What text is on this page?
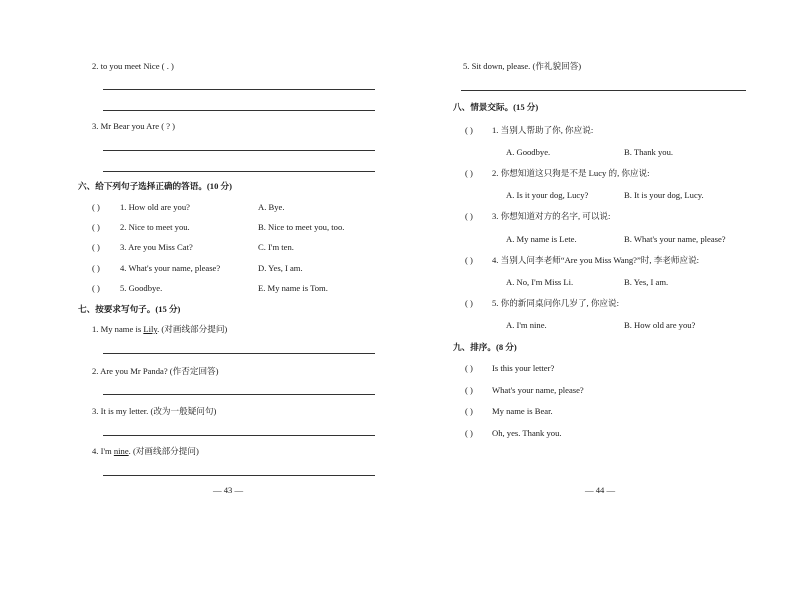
2. to you meet Nice ( . )
3. Mr Bear you Are ( ? )
六、给下列句子选择正确的答语。(10 分)
( ) 1. How old are you?	A. Bye.
( ) 2. Nice to meet you.	B. Nice to meet you, too.
( ) 3. Are you Miss Cat?	C. I'm ten.
( ) 4. What's your name, please?	D. Yes, I am.
( ) 5. Goodbye.	E. My name is Tom.
七、按要求写句子。(15 分)
1. My name is Lily. (对画线部分提问)
2. Are you Mr Panda? (作否定回答)
3. It is my letter. (改为一般疑问句)
4. I'm nine. (对画线部分提问)
— 43 —
5. Sit down, please. (作礼貌回答)
八、情景交际。(15 分)
( ) 1. 当别人帮助了你, 你应说:
A. Goodbye.	B. Thank you.
( ) 2. 你想知道这只狗是不是 Lucy 的, 你应说:
A. Is it your dog, Lucy?	B. It is your dog, Lucy.
( ) 3. 你想知道对方的名字, 可以说:
A. My name is Lete.	B. What's your name, please?
( ) 4. 当别人问李老师“Are you Miss Wang?”时, 李老师应说:
A. No, I'm Miss Li.	B. Yes, I am.
( ) 5. 你的新同桌问你几岁了, 你应说:
A. I'm nine.	B. How old are you?
九、排序。(8 分)
( ) Is this your letter?
( ) What's your name, please?
( ) My name is Bear.
( ) Oh, yes. Thank you.
— 44 —
